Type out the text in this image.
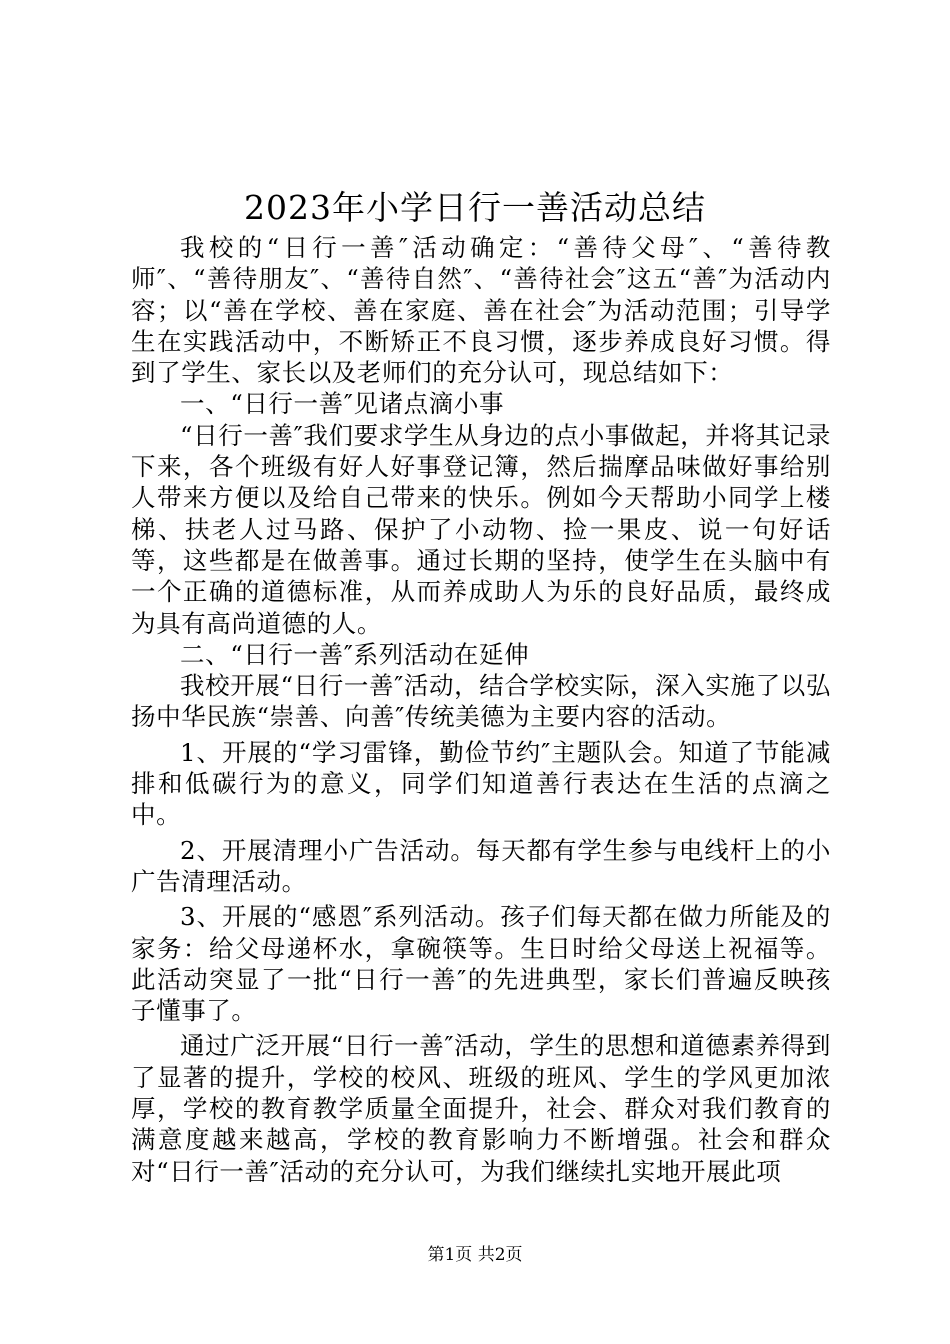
2023年小学日行一善活动总结

我校的“日行一善″活动确定：“善待父母″、“善待教师″、“善待朋友″、“善待自然″、“善待社会″这五“善″为活动内容；以“善在学校、善在家庭、善在社会″为活动范围；引导学生在实践活动中，不断矫正不良习惯，逐步养成良好习惯。得到了学生、家长以及老师们的充分认可，现总结如下：

一、“日行一善″见诸点滴小事

“日行一善″我们要求学生从身边的点小事做起，并将其记录下来，各个班级有好人好事登记簿，然后揣摩品味做好事给别人带来方便以及给自己带来的快乐。例如今天帮助小同学上楼梯、扶老人过马路、保护了小动物、捡一果皮、说一句好话等，这些都是在做善事。通过长期的坚持，使学生在头脑中有一个正确的道德标准，从而养成助人为乐的良好品质，最终成为具有高尚道德的人。

二、“日行一善″系列活动在延伸

我校开展“日行一善″活动，结合学校实际，深入实施了以弘扬中华民族“崇善、向善″传统美德为主要内容的活动。

1、开展的“学习雷锋，勤俭节约″主题队会。知道了节能减排和低碳行为的意义，同学们知道善行表达在生活的点滴之中。

2、开展清理小广告活动。每天都有学生参与电线杆上的小广告清理活动。

3、开展的“感恩″系列活动。孩子们每天都在做力所能及的家务：给父母递杯水，拿碗筷等。生日时给父母送上祝福等。此活动突显了一批“日行一善″的先进典型，家长们普遍反映孩子懂事了。

通过广泛开展“日行一善″活动，学生的思想和道德素养得到了显著的提升，学校的校风、班级的班风、学生的学风更加浓厚，学校的教育教学质量全面提升，社会、群众对我们教育的满意度越来越高，学校的教育影响力不断增强。社会和群众对“日行一善″活动的充分认可，为我们继续扎实地开展此项

第1页 共2页
